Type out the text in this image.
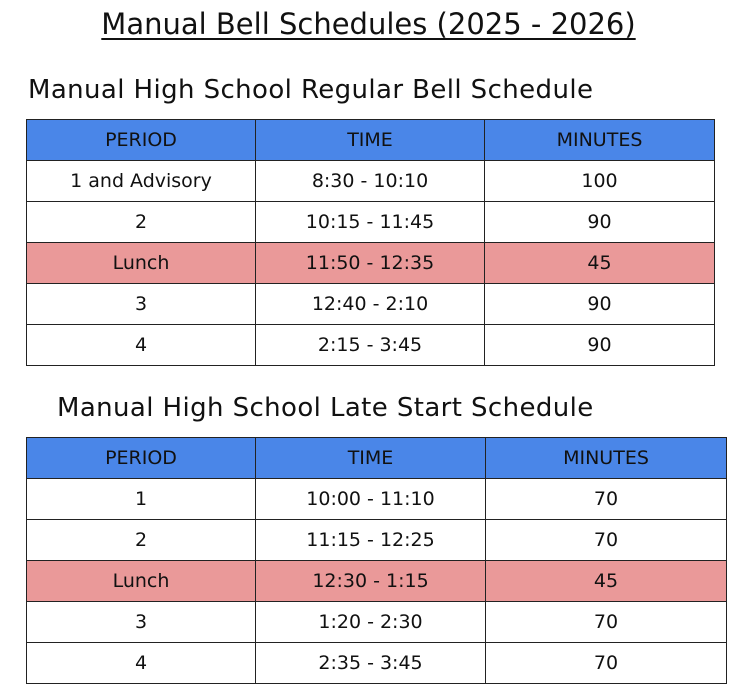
Manual Bell Schedules (2025 - 2026)
Manual High School Regular Bell Schedule
PERIOD	TIME	MINUTES
1 and Advisory	8:30 - 10:10	100
2	10:15 - 11:45	90
Lunch	11:50 - 12:35	45
3	12:40 - 2:10	90
4	2:15 - 3:45	90
Manual High School Late Start Schedule
PERIOD	TIME	MINUTES
1	10:00 - 11:10	70
2	11:15 - 12:25	70
Lunch	12:30 - 1:15	45
3	1:20 - 2:30	70
4	2:35 - 3:45	70
